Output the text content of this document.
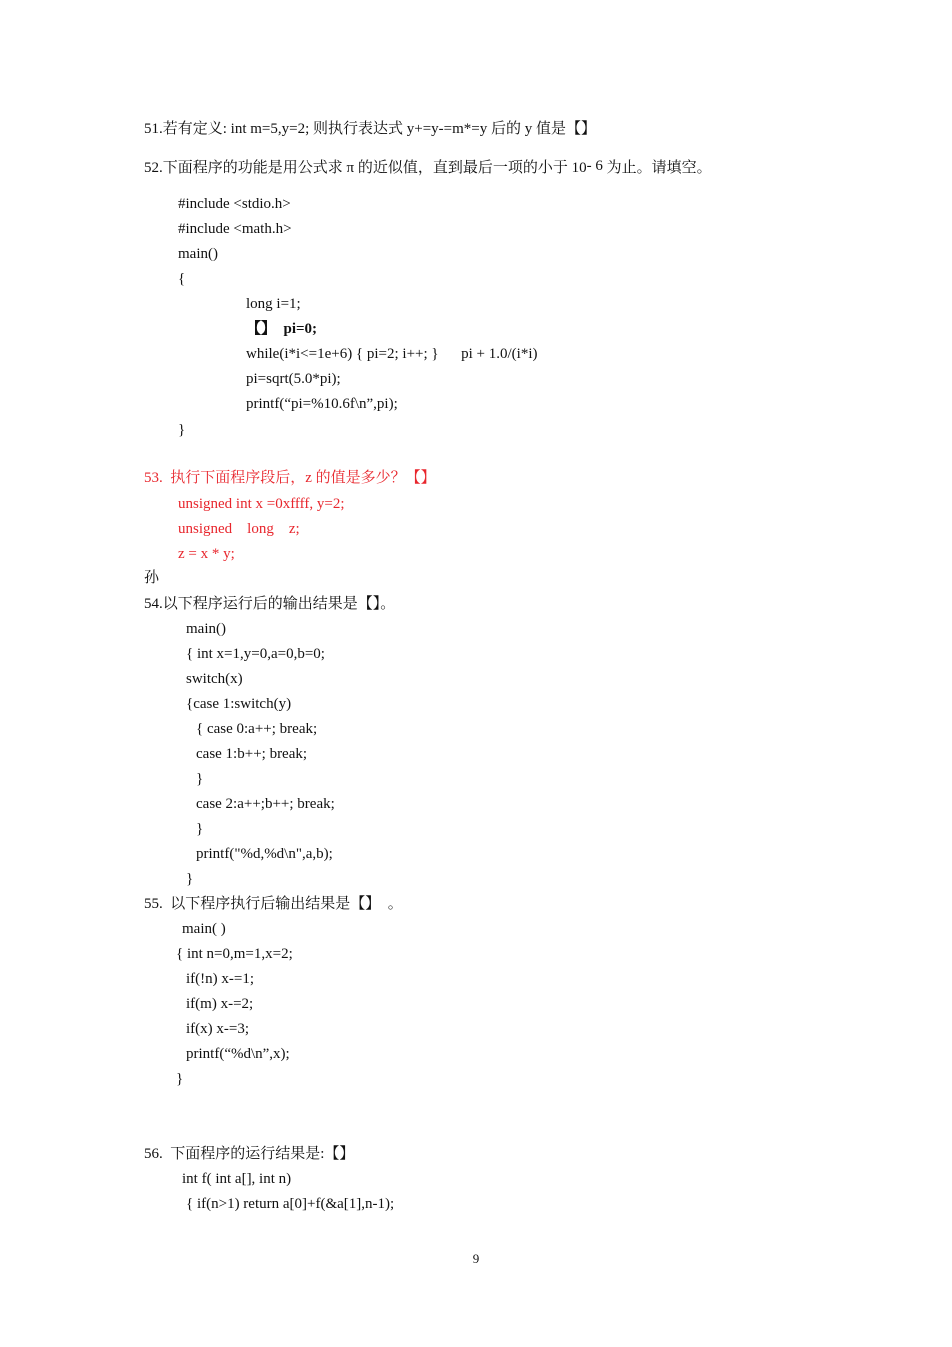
51.若有定义: int m=5,y=2; 则执行表达式 y+=y-=m*=y 后的 y 值是【】
52.下面程序的功能是用公式求 π 的近似值，直到最后一项的小于 $10^{- 6}$ 为止。请填空。
#include <stdio.h>
#include <math.h>
main()
{
long i=1;
【】  pi=0;
while(i*i<=1e+6) { pi=2; i++; }      pi + 1.0/(i*i)
pi=sqrt(5.0*pi);
printf(“pi=%10.6f\n”,pi);
}
53.  执行下面程序段后，z 的值是多少？【】
unsigned int x =0xffff, y=2;
unsigned    long    z;
z = x * y;
孙
54.以下程序运行后的输出结果是【】。
main()
{ int x=1,y=0,a=0,b=0;
switch(x)
{case 1:switch(y)
{ case 0:a++; break;
case 1:b++; break;
}
case 2:a++;b++; break;
}
printf("%d,%d\n",a,b);
}
55.  以下程序执行后输出结果是【】  。
main( )
{ int n=0,m=1,x=2;
if(!n) x-=1;
if(m) x-=2;
if(x) x-=3;
printf(“%d\n”,x);
}
56.  下面程序的运行结果是:【】
int f( int a[], int n)
{ if(n>1) return a[0]+f(&a[1],n-1);
9
